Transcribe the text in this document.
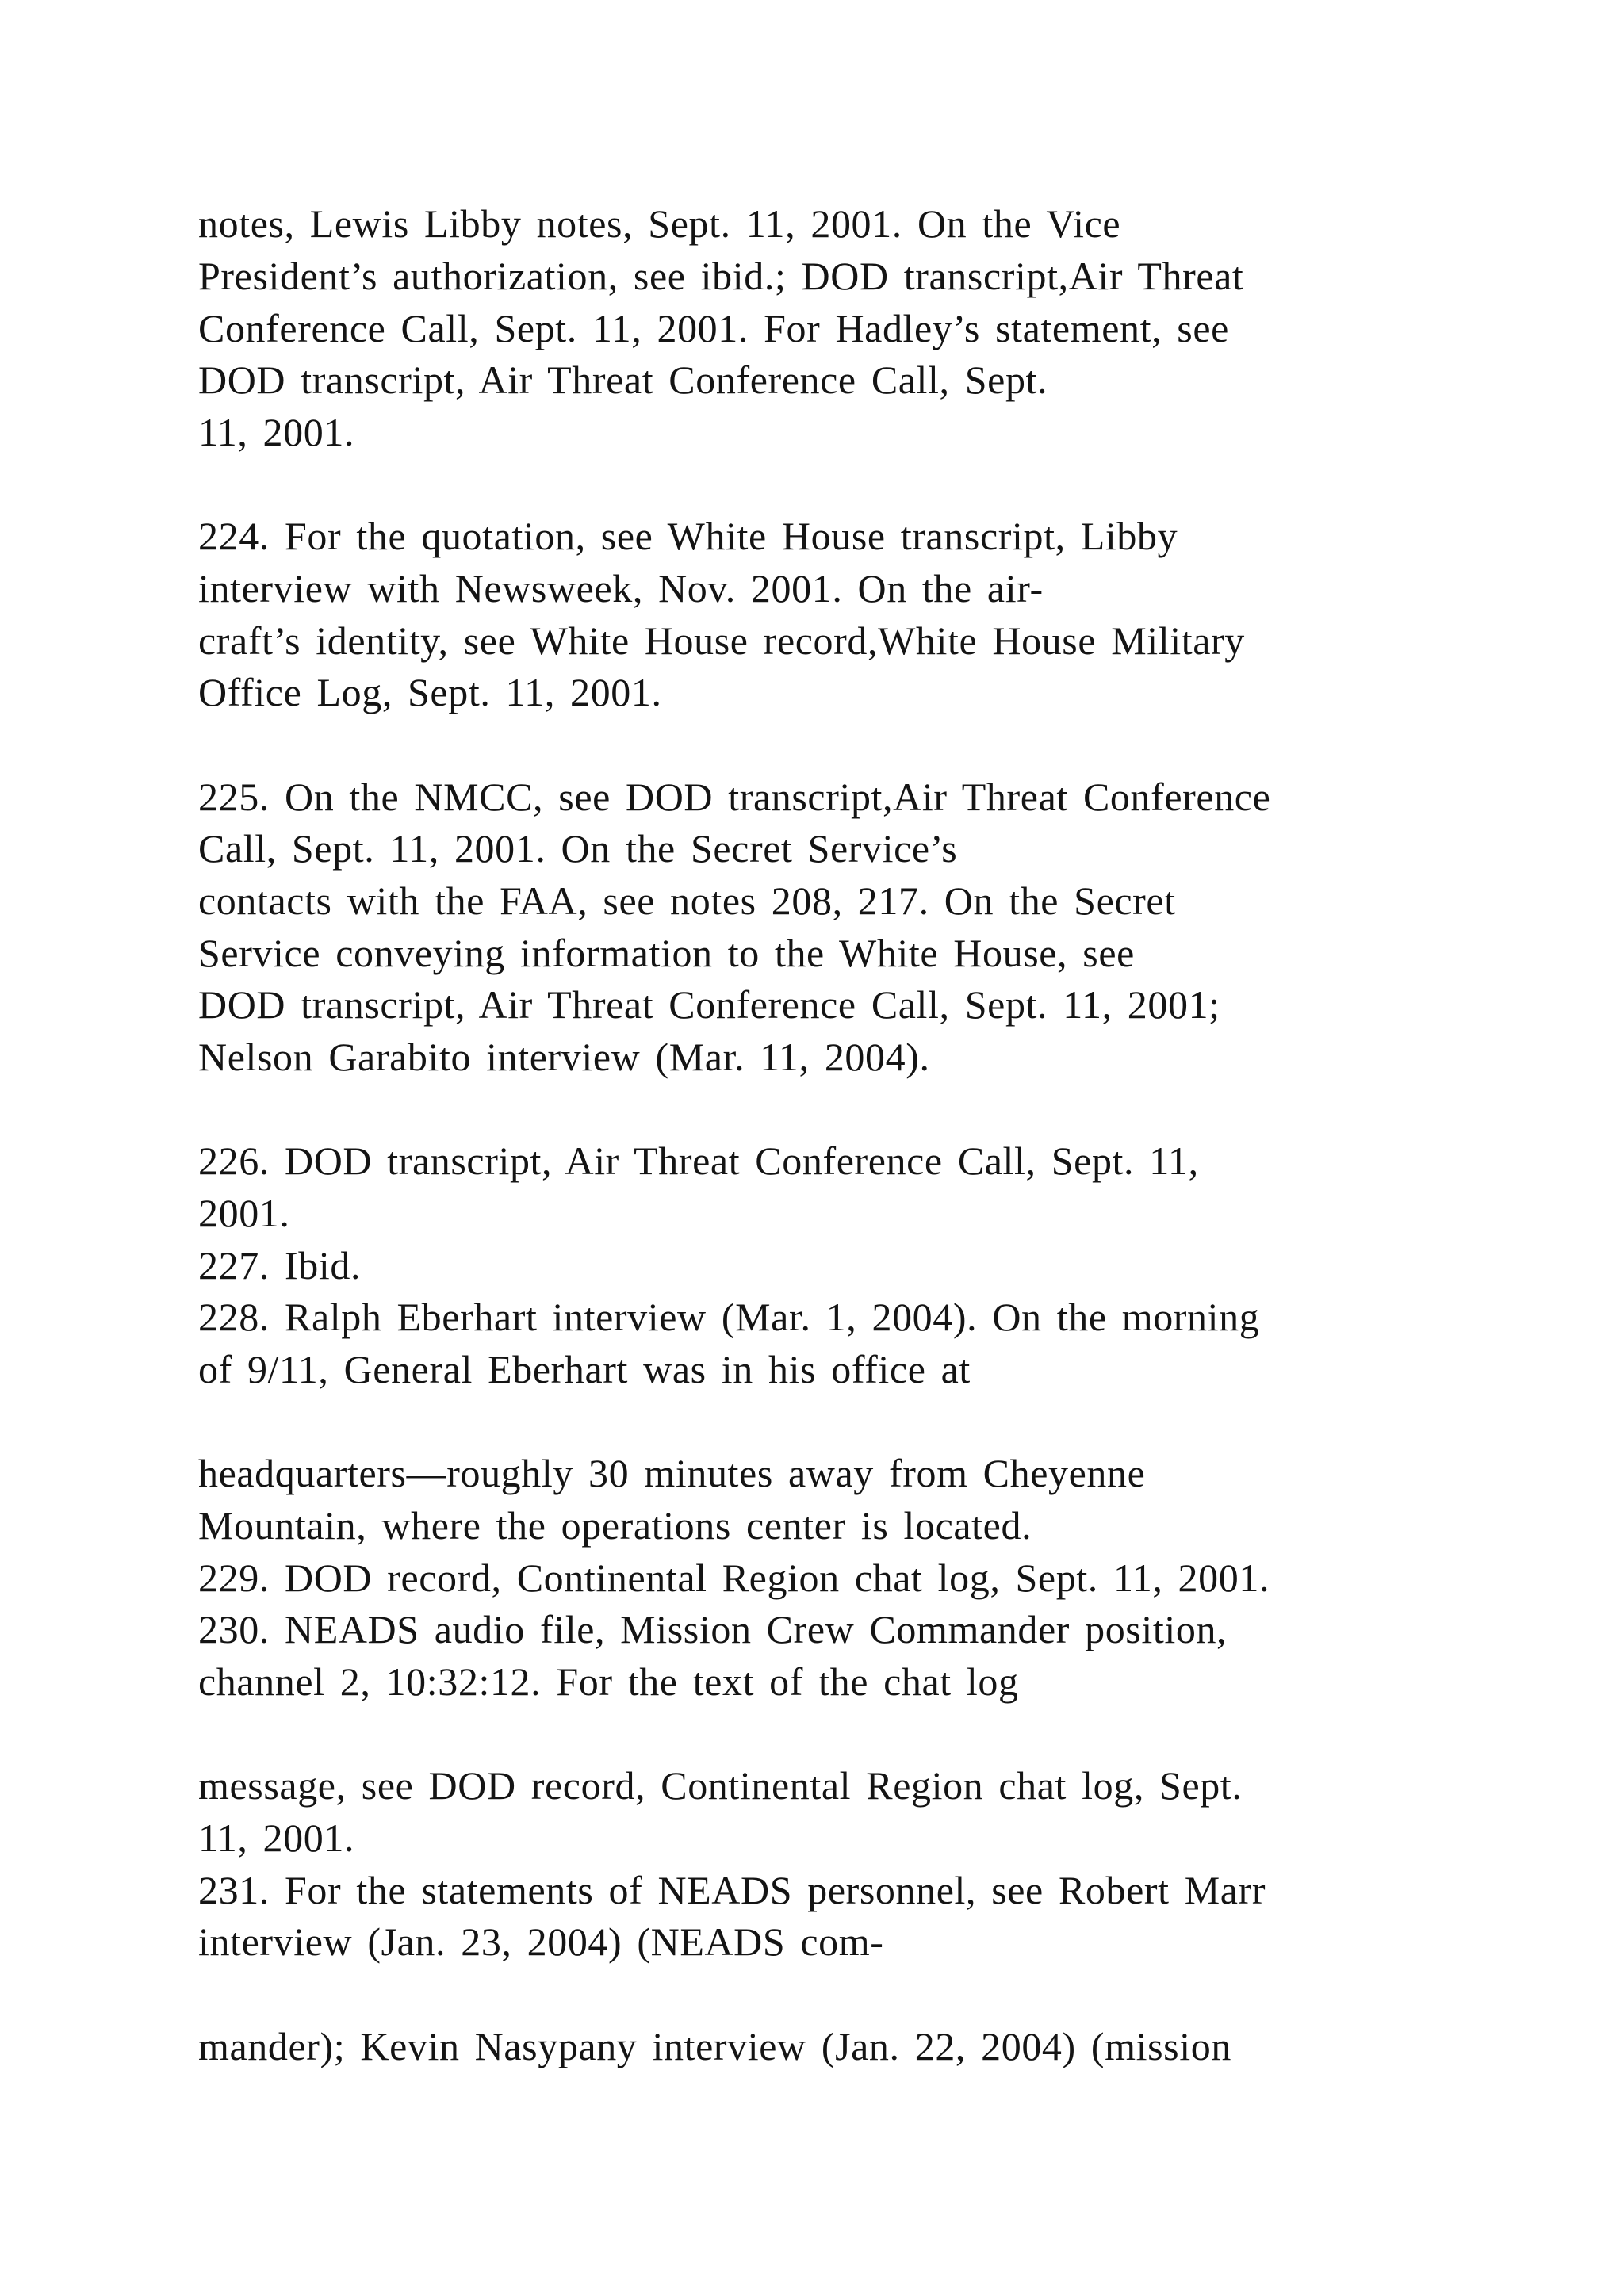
notes, Lewis Libby notes, Sept. 11, 2001. On the Vice
President’s authorization, see ibid.; DOD transcript,Air Threat
Conference Call, Sept. 11, 2001. For Hadley’s statement, see
DOD transcript, Air Threat Conference Call, Sept.
11, 2001.
224. For the quotation, see White House transcript, Libby
interview with Newsweek, Nov. 2001. On the air-
craft’s identity, see White House record,White House Military
Office Log, Sept. 11, 2001.
225. On the NMCC, see DOD transcript,Air Threat Conference
Call, Sept. 11, 2001. On the Secret Service’s
contacts with the FAA, see notes 208, 217. On the Secret
Service conveying information to the White House, see
DOD transcript, Air Threat Conference Call, Sept. 11, 2001;
Nelson Garabito interview (Mar. 11, 2004).
226. DOD transcript, Air Threat Conference Call, Sept. 11,
2001.
227. Ibid.
228. Ralph Eberhart interview (Mar. 1, 2004). On the morning
of 9/11, General Eberhart was in his office at
headquarters—roughly 30 minutes away from Cheyenne
Mountain, where the operations center is located.
229. DOD record, Continental Region chat log, Sept. 11, 2001.
230. NEADS audio file, Mission Crew Commander position,
channel 2, 10:32:12. For the text of the chat log
message, see DOD record, Continental Region chat log, Sept.
11, 2001.
231. For the statements of NEADS personnel, see Robert Marr
interview (Jan. 23, 2004) (NEADS com-
mander); Kevin Nasypany interview (Jan. 22, 2004) (mission
